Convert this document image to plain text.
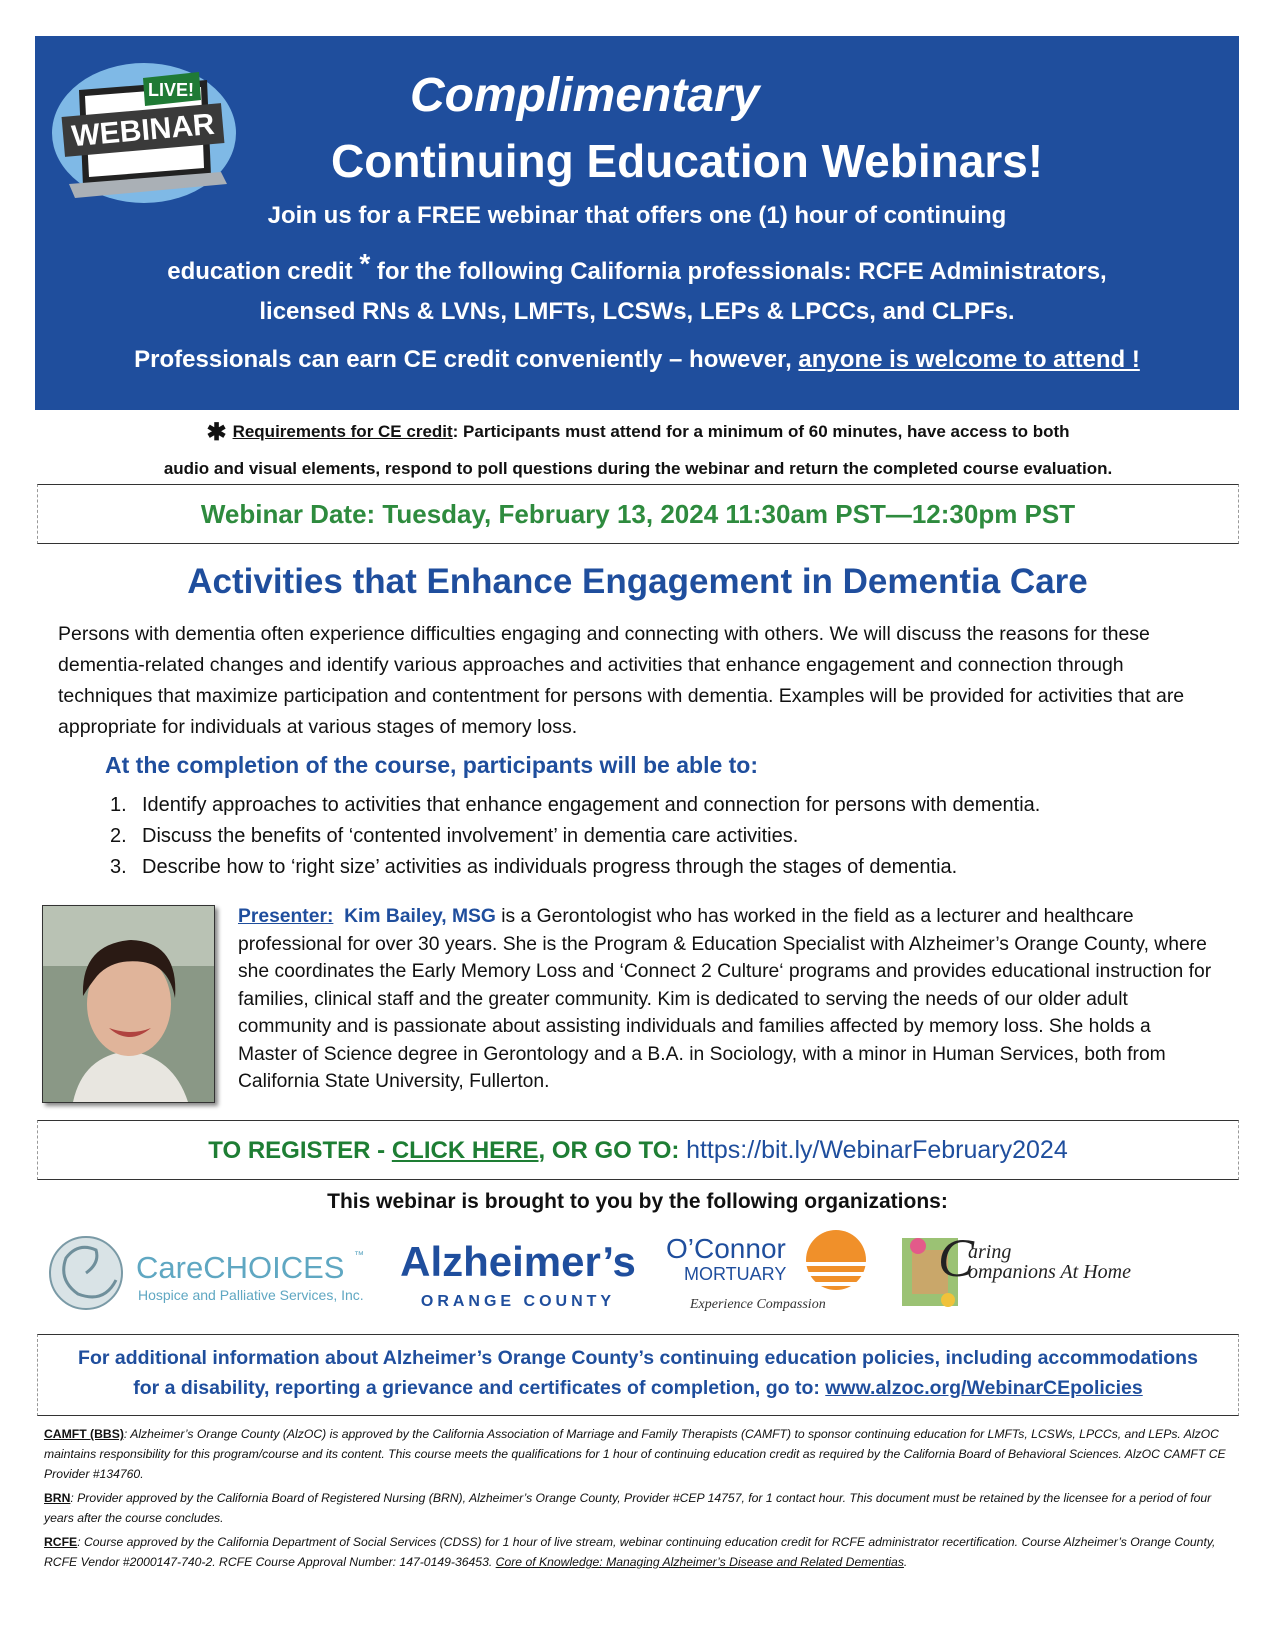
LIVE!
WEBINAR
Complimentary
Continuing Education Webinars!
Join us for a FREE webinar that offers one (1) hour of continuing
education credit * for the following California professionals: RCFE Administrators,
licensed RNs & LVNs, LMFTs, LCSWs, LEPs & LPCCs, and CLPFs.
Professionals can earn CE credit conveniently – however, anyone is welcome to attend !
✱ Requirements for CE credit: Participants must attend for a minimum of 60 minutes, have access to both
audio and visual elements, respond to poll questions during the webinar and return the completed course evaluation.
Webinar Date: Tuesday, February 13, 2024 11:30am PST—12:30pm PST
Activities that Enhance Engagement in Dementia Care
Persons with dementia often experience difficulties engaging and connecting with others. We will discuss the reasons for these dementia-related changes and identify various approaches and activities that enhance engagement and connection through techniques that maximize participation and contentment for persons with dementia. Examples will be provided for activities that are appropriate for individuals at various stages of memory loss.
At the completion of the course, participants will be able to:
1. Identify approaches to activities that enhance engagement and connection for persons with dementia.
2. Discuss the benefits of ‘contented involvement’ in dementia care activities.
3. Describe how to ‘right size’ activities as individuals progress through the stages of dementia.
Presenter: Kim Bailey, MSG is a Gerontologist who has worked in the field as a lecturer and healthcare professional for over 30 years. She is the Program & Education Specialist with Alzheimer’s Orange County, where she coordinates the Early Memory Loss and ‘Connect 2 Culture‘ programs and provides educational instruction for families, clinical staff and the greater community. Kim is dedicated to serving the needs of our older adult community and is passionate about assisting individuals and families affected by memory loss. She holds a Master of Science degree in Gerontology and a B.A. in Sociology, with a minor in Human Services, both from California State University, Fullerton.
TO REGISTER - CLICK HERE, OR GO TO: https://bit.ly/WebinarFebruary2024
This webinar is brought to you by the following organizations:
CareCHOICES ™
Hospice and Palliative Services, Inc.
Alzheimer’s
ORANGE COUNTY
O’Connor
MORTUARY
Experience Compassion
C
aring
ompanions At Home
For additional information about Alzheimer’s Orange County’s continuing education policies, including accommodations
for a disability, reporting a grievance and certificates of completion, go to: www.alzoc.org/WebinarCEpolicies
CAMFT (BBS): Alzheimer’s Orange County (AlzOC) is approved by the California Association of Marriage and Family Therapists (CAMFT) to sponsor continuing education for LMFTs, LCSWs, LPCCs, and LEPs. AlzOC maintains responsibility for this program/course and its content. This course meets the qualifications for 1 hour of continuing education credit as required by the California Board of Behavioral Sciences. AlzOC CAMFT CE Provider #134760.
BRN: Provider approved by the California Board of Registered Nursing (BRN), Alzheimer’s Orange County, Provider #CEP 14757, for 1 contact hour. This document must be retained by the licensee for a period of four years after the course concludes.
RCFE: Course approved by the California Department of Social Services (CDSS) for 1 hour of live stream, webinar continuing education credit for RCFE administrator recertification. Course Alzheimer’s Orange County, RCFE Vendor #2000147-740-2. RCFE Course Approval Number: 147-0149-36453. Core of Knowledge: Managing Alzheimer’s Disease and Related Dementias.
